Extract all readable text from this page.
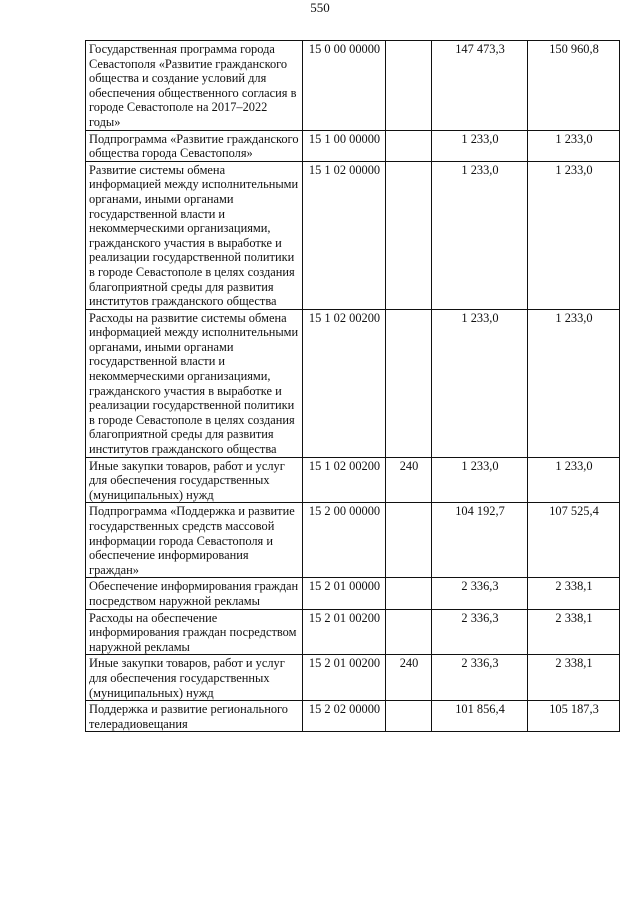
550
Государственная программа города Севастополя «Развитие гражданского общества и создание условий для обеспечения общественного согласия в городе Севастополе на 2017–2022 годы»	15 0 00 00000		147 473,3	150 960,8
Подпрограмма «Развитие гражданского общества города Севастополя»	15 1 00 00000		1 233,0	1 233,0
Развитие системы обмена информацией между исполнительными органами, иными органами государственной власти и некоммерческими организациями, гражданского участия в выработке и реализации государственной политики в городе Севастополе в целях создания благоприятной среды для развития институтов гражданского общества	15 1 02 00000		1 233,0	1 233,0
Расходы на развитие системы обмена информацией между исполнительными органами, иными органами государственной власти и некоммерческими организациями, гражданского участия в выработке и реализации государственной политики в городе Севастополе в целях создания благоприятной среды для развития институтов гражданского общества	15 1 02 00200		1 233,0	1 233,0
Иные закупки товаров, работ и услуг для обеспечения государственных (муниципальных) нужд	15 1 02 00200	240	1 233,0	1 233,0
Подпрограмма «Поддержка и развитие государственных средств массовой информации города Севастополя и обеспечение информирования граждан»	15 2 00 00000		104 192,7	107 525,4
Обеспечение информирования граждан посредством наружной рекламы	15 2 01 00000		2 336,3	2 338,1
Расходы на обеспечение информирования граждан посредством наружной рекламы	15 2 01 00200		2 336,3	2 338,1
Иные закупки товаров, работ и услуг для обеспечения государственных (муниципальных) нужд	15 2 01 00200	240	2 336,3	2 338,1
Поддержка и развитие регионального телерадиовещания	15 2 02 00000		101 856,4	105 187,3
